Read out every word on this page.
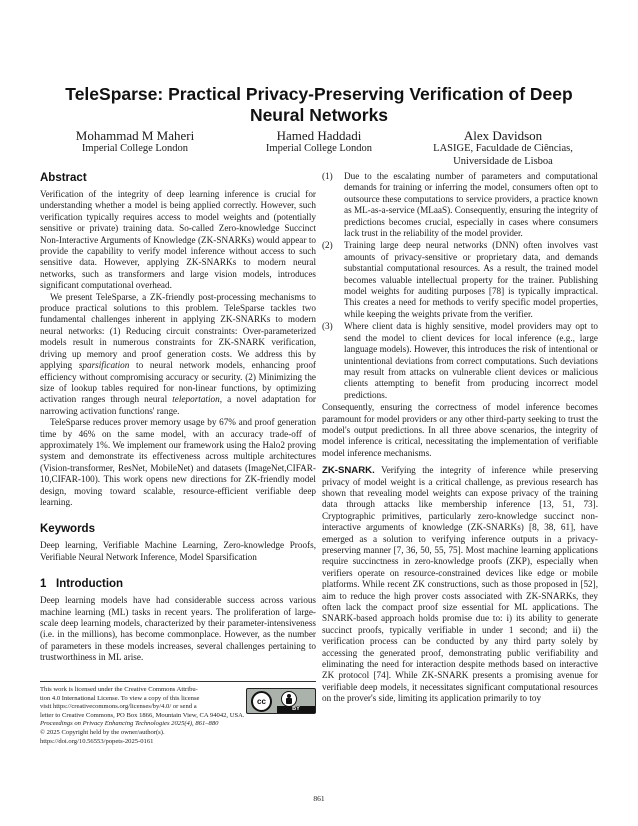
TeleSparse: Practical Privacy-Preserving Verification of Deep
Neural Networks
Mohammad M Maheri
Imperial College London
Hamed Haddadi
Imperial College London
Alex Davidson
LASIGE, Faculdade de Ciências,
Universidade de Lisboa
Abstract

Verification of the integrity of deep learning inference is crucial for understanding whether a model is being applied correctly. However, such verification typically requires access to model weights and (potentially sensitive or private) training data. So-called Zero-knowledge Succinct Non-Interactive Arguments of Knowledge (ZK-SNARKs) would appear to provide the capability to verify model inference without access to such sensitive data. However, applying ZK-SNARKs to modern neural networks, such as transformers and large vision models, introduces significant computational overhead.

We present TeleSparse, a ZK-friendly post-processing mechanisms to produce practical solutions to this problem. TeleSparse tackles two fundamental challenges inherent in applying ZK-SNARKs to modern neural networks: (1) Reducing circuit constraints: Over-parameterized models result in numerous constraints for ZK-SNARK verification, driving up memory and proof generation costs. We address this by applying sparsification to neural network models, enhancing proof efficiency without compromising accuracy or security. (2) Minimizing the size of lookup tables required for non-linear functions, by optimizing activation ranges through neural teleportation, a novel adaptation for narrowing activation functions' range.

TeleSparse reduces prover memory usage by 67% and proof generation time by 46% on the same model, with an accuracy trade-off of approximately 1%. We implement our framework using the Halo2 proving system and demonstrate its effectiveness across multiple architectures (Vision-transformer, ResNet, MobileNet) and datasets (ImageNet,CIFAR-10,CIFAR-100). This work opens new directions for ZK-friendly model design, moving toward scalable, resource-efficient verifiable deep learning.

Keywords

Deep learning, Verifiable Machine Learning, Zero-knowledge Proofs, Verifiable Neural Network Inference, Model Sparsification

1 Introduction

Deep learning models have had considerable success across various machine learning (ML) tasks in recent years. The proliferation of large-scale deep learning models, characterized by their parameter-intensiveness (i.e. in the millions), has become commonplace. However, as the number of parameters in these models increases, several challenges pertaining to trustworthiness in ML arise.

This work is licensed under the Creative Commons Attribu-
tion 4.0 International License. To view a copy of this license
visit https://creativecommons.org/licenses/by/4.0/ or send a
letter to Creative Commons, PO Box 1866, Mountain View, CA 94042, USA.
Proceedings on Privacy Enhancing Technologies 2025(4), 861–880
© 2025 Copyright held by the owner/author(s).
https://doi.org/10.56553/popets-2025-0161
cc
BY
(1) Due to the escalating number of parameters and computational demands for training or inferring the model, consumers often opt to outsource these computations to service providers, a practice known as ML-as-a-service (MLaaS). Consequently, ensuring the integrity of predictions becomes crucial, especially in cases where consumers lack trust in the reliability of the model provider.
(2) Training large deep neural networks (DNN) often involves vast amounts of privacy-sensitive or proprietary data, and demands substantial computational resources. As a result, the trained model becomes valuable intellectual property for the trainer. Publishing model weights for auditing purposes [78] is typically impractical. This creates a need for methods to verify specific model properties, while keeping the weights private from the verifier.
(3) Where client data is highly sensitive, model providers may opt to send the model to client devices for local inference (e.g., large language models). However, this introduces the risk of intentional or unintentional deviations from correct computations. Such deviations may result from attacks on vulnerable client devices or malicious clients attempting to benefit from producing incorrect model predictions.

Consequently, ensuring the correctness of model inference becomes paramount for model providers or any other third-party seeking to trust the model's output predictions. In all three above scenarios, the integrity of model inference is critical, necessitating the implementation of verifiable model inference mechanisms.

ZK-SNARK. Verifying the integrity of inference while preserving privacy of model weight is a critical challenge, as previous research has shown that revealing model weights can expose privacy of the training data through attacks like membership inference [13, 51, 73]. Cryptographic primitives, particularly zero-knowledge succinct non-interactive arguments of knowledge (ZK-SNARKs) [8, 38, 61], have emerged as a solution to verifying inference outputs in a privacy-preserving manner [7, 36, 50, 55, 75]. Most machine learning applications require succinctness in zero-knowledge proofs (ZKP), especially when verifiers operate on resource-constrained devices like edge or mobile platforms. While recent ZK constructions, such as those proposed in [52], aim to reduce the high prover costs associated with ZK-SNARKs, they often lack the compact proof size essential for ML applications. The SNARK-based approach holds promise due to: i) its ability to generate succinct proofs, typically verifiable in under 1 second; and ii) the verification process can be conducted by any third party solely by accessing the generated proof, demonstrating public verifiability and eliminating the need for interaction despite methods based on interactive ZK protocol [74]. While ZK-SNARK presents a promising avenue for verifiable deep models, it necessitates significant computational resources on the prover's side, limiting its application primarily to toy

861
